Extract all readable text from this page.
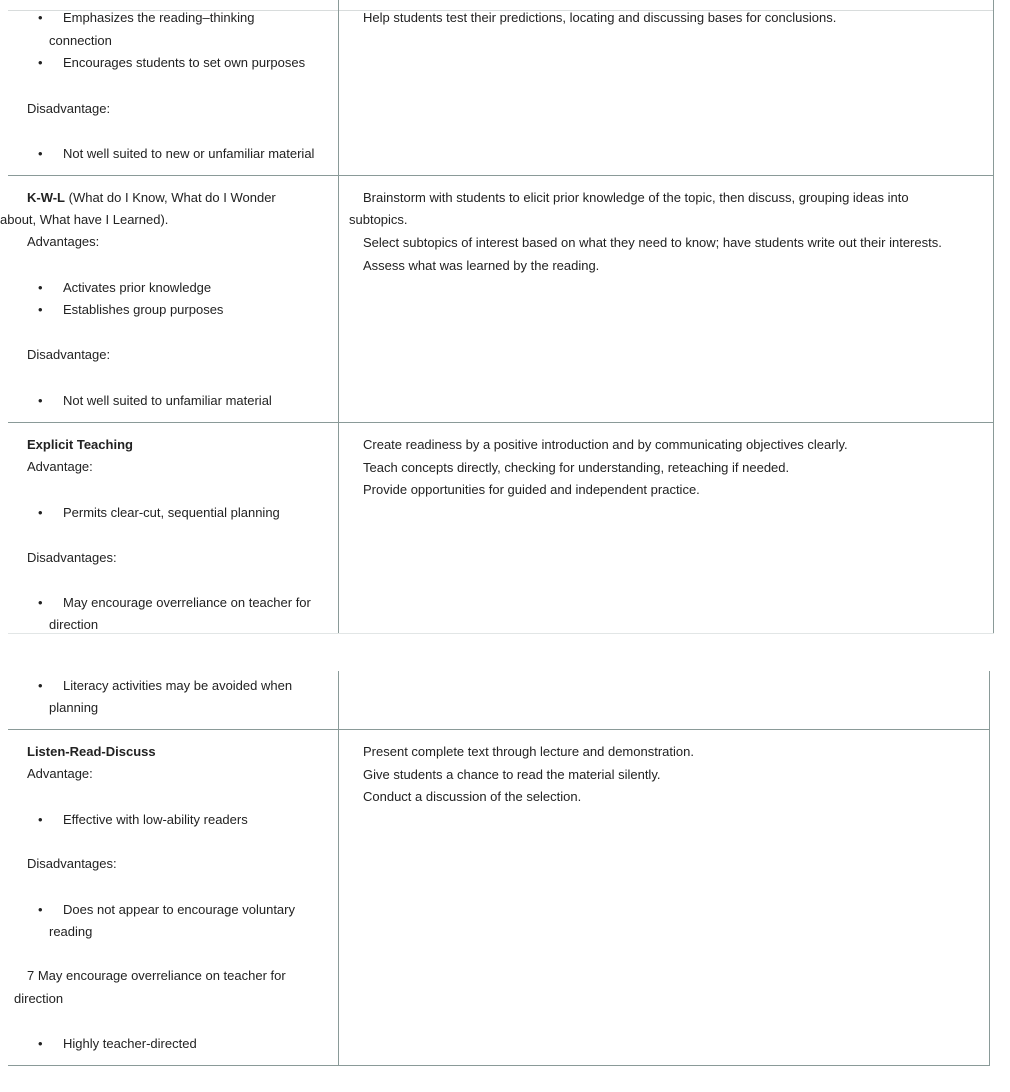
• Emphasizes the reading–thinking
connection
• Encourages students to set own purposes
Disadvantage:
• Not well suited to new or unfamiliar material
Help students test their predictions, locating and discussing bases for conclusions.
K-W-L (What do I Know, What do I Wonder
about, What have I Learned).
Advantages:
• Activates prior knowledge
• Establishes group purposes
Disadvantage:
• Not well suited to unfamiliar material
Brainstorm with students to elicit prior knowledge of the topic, then discuss, grouping ideas into
subtopics.
Select subtopics of interest based on what they need to know; have students write out their interests.
Assess what was learned by the reading.
Explicit Teaching
Advantage:
• Permits clear-cut, sequential planning
Disadvantages:
• May encourage overreliance on teacher for
direction
Create readiness by a positive introduction and by communicating objectives clearly.
Teach concepts directly, checking for understanding, reteaching if needed.
Provide opportunities for guided and independent practice.
• Literacy activities may be avoided when
planning
Listen-Read-Discuss
Advantage:
• Effective with low-ability readers
Disadvantages:
• Does not appear to encourage voluntary
reading
7 May encourage overreliance on teacher for
direction
• Highly teacher-directed
Present complete text through lecture and demonstration.
Give students a chance to read the material silently.
Conduct a discussion of the selection.
